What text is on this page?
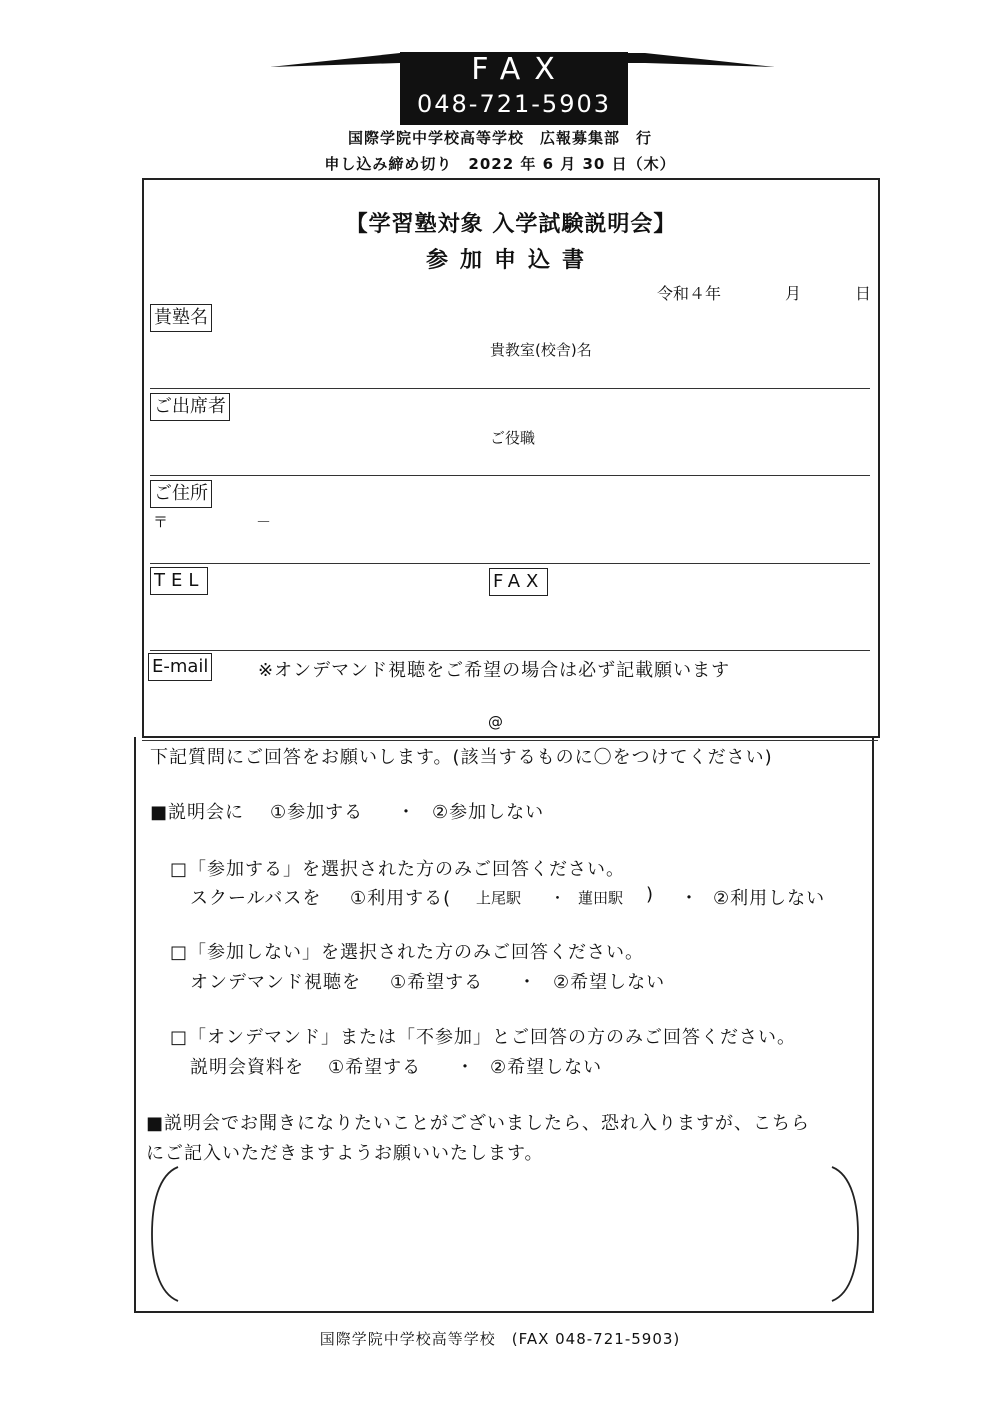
FAX
048-721-5903
国際学院中学校高等学校　広報募集部　行
申し込み締め切り　2022 年 6 月 30 日（木）
【学習塾対象 入学試験説明会】
参加申込書
令和４年	月	日
貴塾名
貴教室(校舎)名
ご出席者
ご役職
ご住所
〒	－
TEL	FAX
E-mail	※オンデマンド視聴をご希望の場合は必ず記載願います
@
下記質問にご回答をお願いします。(該当するものに〇をつけてください)
■説明会に ①参加する ・ ②参加しない
□「参加する」を選択された方のみご回答ください。
スクールバスを ①利用する( 上尾駅 ・ 蓮田駅 ) ・ ②利用しない
□「参加しない」を選択された方のみご回答ください。
オンデマンド視聴を ①希望する ・ ②希望しない
□「オンデマンド」または「不参加」とご回答の方のみご回答ください。
説明会資料を ①希望する ・ ②希望しない
■説明会でお聞きになりたいことがございましたら、恐れ入りますが、こちら
にご記入いただきますようお願いいたします。
国際学院中学校高等学校　(FAX 048-721-5903)
